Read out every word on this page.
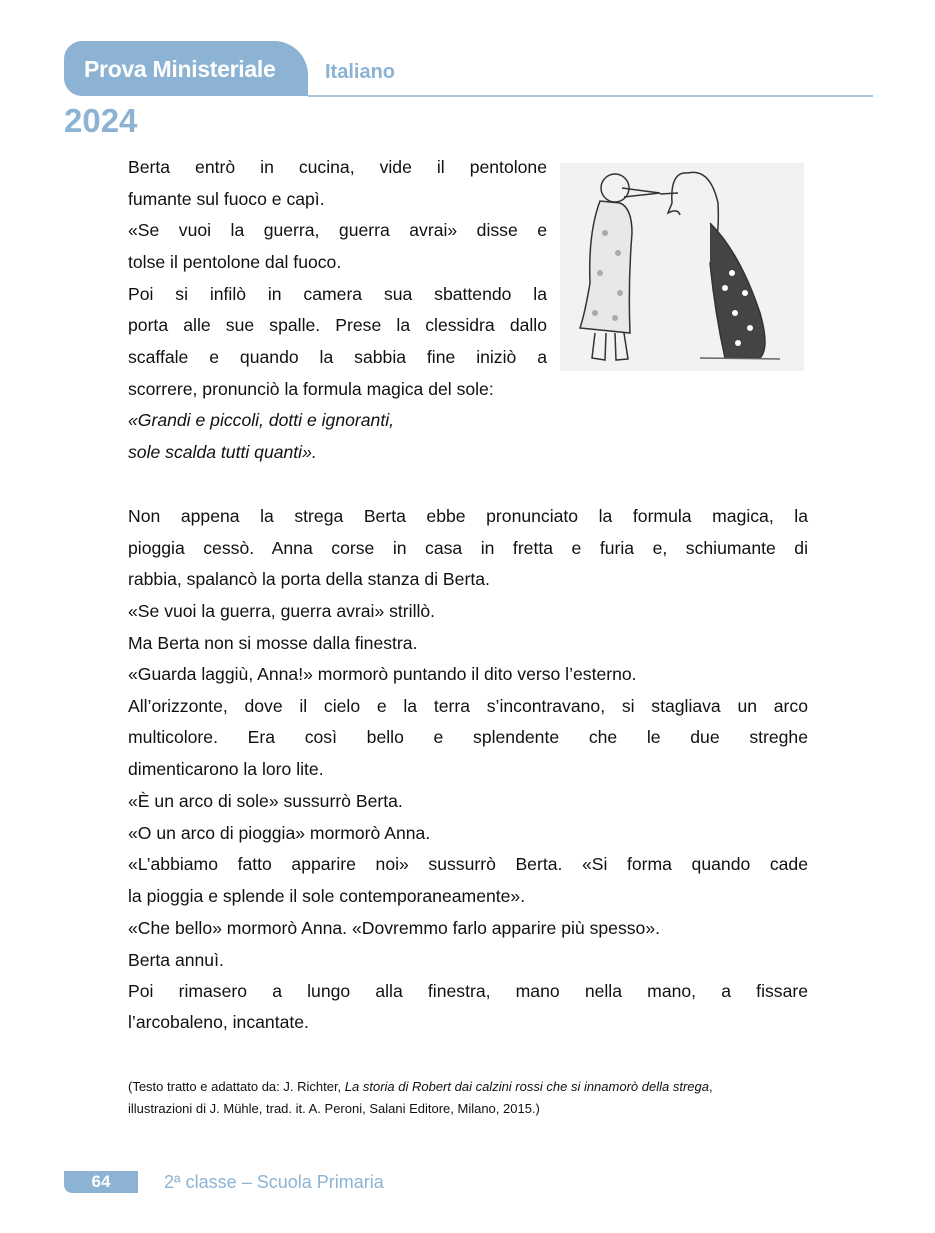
Prova Ministeriale Italiano
2024
Berta entrò in cucina, vide il pentolone
fumante sul fuoco e capì.
«Se vuoi la guerra, guerra avrai» disse e
tolse il pentolone dal fuoco.
Poi si infilò in camera sua sbattendo la
porta alle sue spalle. Prese la clessidra dallo
scaffale e quando la sabbia fine iniziò a
scorrere, pronunciò la formula magica del sole:
«Grandi e piccoli, dotti e ignoranti,
sole scalda tutti quanti».
Non appena la strega Berta ebbe pronunciato la formula magica, la
pioggia cessò. Anna corse in casa in fretta e furia e, schiumante di
rabbia, spalancò la porta della stanza di Berta.
«Se vuoi la guerra, guerra avrai» strillò.
Ma Berta non si mosse dalla finestra.
«Guarda laggiù, Anna!» mormorò puntando il dito verso l’esterno.
All’orizzonte, dove il cielo e la terra s’incontravano, si stagliava un arco
multicolore. Era così bello e splendente che le due streghe
dimenticarono la loro lite.
«È un arco di sole» sussurrò Berta.
«O un arco di pioggia» mormorò Anna.
«L’abbiamo fatto apparire noi» sussurrò Berta. «Si forma quando cade
la pioggia e splende il sole contemporaneamente».
«Che bello» mormorò Anna. «Dovremmo farlo apparire più spesso».
Berta annuì.
Poi rimasero a lungo alla finestra, mano nella mano, a fissare
l’arcobaleno, incantate.
(Testo tratto e adattato da: J. Richter, La storia di Robert dai calzini rossi che si innamorò della strega,
illustrazioni di J. Mühle, trad. it. A. Peroni, Salani Editore, Milano, 2015.)
64	2ª classe – Scuola Primaria
